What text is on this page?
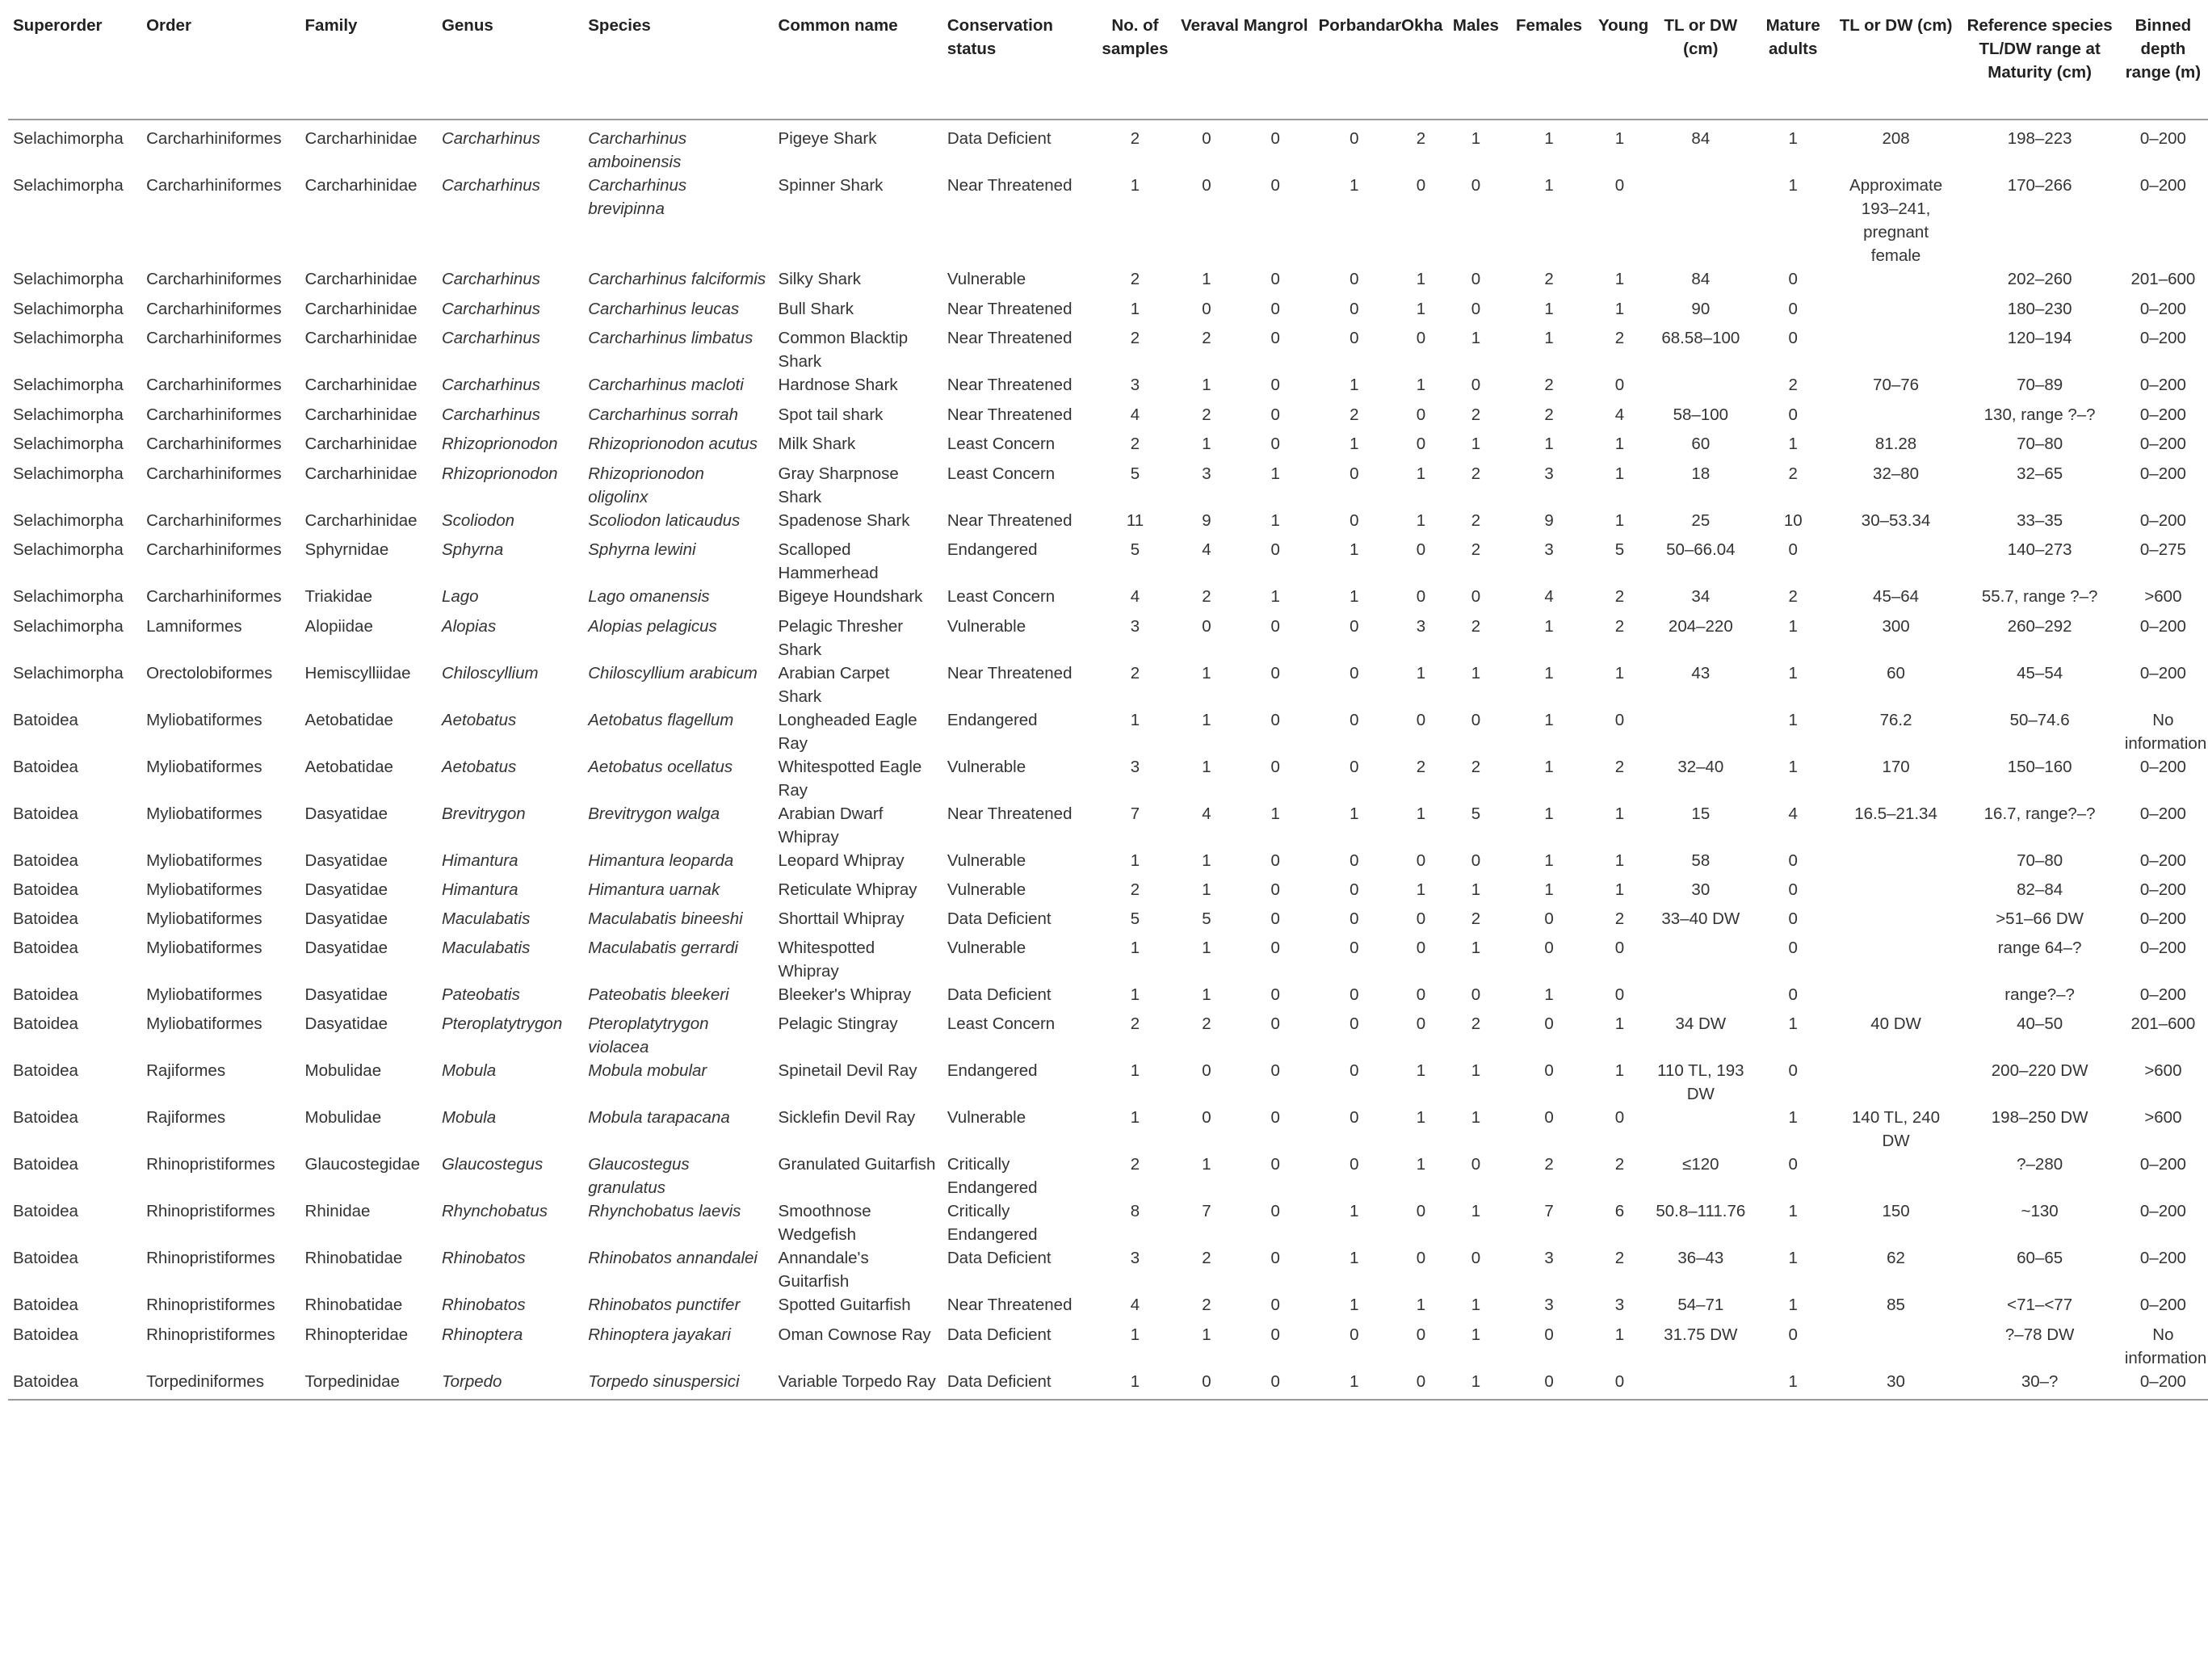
Superorder	Order	Family	Genus	Species	Common name	Conservation status	No. of samples	Veraval	Mangrol	Porbandar	Okha	Males	Females	Young	TL or DW (cm)	Mature adults	TL or DW (cm)	Reference species TL/DW range at Maturity (cm)	Binned depth range (m)
Selachimorpha	Carcharhiniformes	Carcharhinidae	Carcharhinus	Carcharhinus amboinensis	Pigeye Shark	Data Deficient	2	0	0	0	2	1	1	1	84	1	208	198–223	0–200
Selachimorpha	Carcharhiniformes	Carcharhinidae	Carcharhinus	Carcharhinus brevipinna	Spinner Shark	Near Threatened	1	0	0	1	0	0	1	0		1	Approximate 193–241, pregnant female	170–266	0–200
Selachimorpha	Carcharhiniformes	Carcharhinidae	Carcharhinus	Carcharhinus falciformis	Silky Shark	Vulnerable	2	1	0	0	1	0	2	1	84	0		202–260	201–600
Selachimorpha	Carcharhiniformes	Carcharhinidae	Carcharhinus	Carcharhinus leucas	Bull Shark	Near Threatened	1	0	0	0	1	0	1	1	90	0		180–230	0–200
Selachimorpha	Carcharhiniformes	Carcharhinidae	Carcharhinus	Carcharhinus limbatus	Common Blacktip Shark	Near Threatened	2	2	0	0	0	1	1	2	68.58–100	0		120–194	0–200
Selachimorpha	Carcharhiniformes	Carcharhinidae	Carcharhinus	Carcharhinus macloti	Hardnose Shark	Near Threatened	3	1	0	1	1	0	2	0		2	70–76	70–89	0–200
Selachimorpha	Carcharhiniformes	Carcharhinidae	Carcharhinus	Carcharhinus sorrah	Spot tail shark	Near Threatened	4	2	0	2	0	2	2	4	58–100	0		130, range ?–?	0–200
Selachimorpha	Carcharhiniformes	Carcharhinidae	Rhizoprionodon	Rhizoprionodon acutus	Milk Shark	Least Concern	2	1	0	1	0	1	1	1	60	1	81.28	70–80	0–200
Selachimorpha	Carcharhiniformes	Carcharhinidae	Rhizoprionodon	Rhizoprionodon oligolinx	Gray Sharpnose Shark	Least Concern	5	3	1	0	1	2	3	1	18	2	32–80	32–65	0–200
Selachimorpha	Carcharhiniformes	Carcharhinidae	Scoliodon	Scoliodon laticaudus	Spadenose Shark	Near Threatened	11	9	1	0	1	2	9	1	25	10	30–53.34	33–35	0–200
Selachimorpha	Carcharhiniformes	Sphyrnidae	Sphyrna	Sphyrna lewini	Scalloped Hammerhead	Endangered	5	4	0	1	0	2	3	5	50–66.04	0		140–273	0–275
Selachimorpha	Carcharhiniformes	Triakidae	Lago	Lago omanensis	Bigeye Houndshark	Least Concern	4	2	1	1	0	0	4	2	34	2	45–64	55.7, range ?–?	>600
Selachimorpha	Lamniformes	Alopiidae	Alopias	Alopias pelagicus	Pelagic Thresher Shark	Vulnerable	3	0	0	0	3	2	1	2	204–220	1	300	260–292	0–200
Selachimorpha	Orectolobiformes	Hemiscylliidae	Chiloscyllium	Chiloscyllium arabicum	Arabian Carpet Shark	Near Threatened	2	1	0	0	1	1	1	1	43	1	60	45–54	0–200
Batoidea	Myliobatiformes	Aetobatidae	Aetobatus	Aetobatus flagellum	Longheaded Eagle Ray	Endangered	1	1	0	0	0	0	1	0		1	76.2	50–74.6	No information
Batoidea	Myliobatiformes	Aetobatidae	Aetobatus	Aetobatus ocellatus	Whitespotted Eagle Ray	Vulnerable	3	1	0	0	2	2	1	2	32–40	1	170	150–160	0–200
Batoidea	Myliobatiformes	Dasyatidae	Brevitrygon	Brevitrygon walga	Arabian Dwarf Whipray	Near Threatened	7	4	1	1	1	5	1	1	15	4	16.5–21.34	16.7, range?–?	0–200
Batoidea	Myliobatiformes	Dasyatidae	Himantura	Himantura leoparda	Leopard Whipray	Vulnerable	1	1	0	0	0	0	1	1	58	0		70–80	0–200
Batoidea	Myliobatiformes	Dasyatidae	Himantura	Himantura uarnak	Reticulate Whipray	Vulnerable	2	1	0	0	1	1	1	1	30	0		82–84	0–200
Batoidea	Myliobatiformes	Dasyatidae	Maculabatis	Maculabatis bineeshi	Shorttail Whipray	Data Deficient	5	5	0	0	0	2	0	2	33–40 DW	0		>51–66 DW	0–200
Batoidea	Myliobatiformes	Dasyatidae	Maculabatis	Maculabatis gerrardi	Whitespotted Whipray	Vulnerable	1	1	0	0	0	1	0	0		0		range 64–?	0–200
Batoidea	Myliobatiformes	Dasyatidae	Pateobatis	Pateobatis bleekeri	Bleeker's Whipray	Data Deficient	1	1	0	0	0	0	1	0		0		range?–?	0–200
Batoidea	Myliobatiformes	Dasyatidae	Pteroplatytrygon	Pteroplatytrygon violacea	Pelagic Stingray	Least Concern	2	2	0	0	0	2	0	1	34 DW	1	40 DW	40–50	201–600
Batoidea	Rajiformes	Mobulidae	Mobula	Mobula mobular	Spinetail Devil Ray	Endangered	1	0	0	0	1	1	0	1	110 TL, 193 DW	0		200–220 DW	>600
Batoidea	Rajiformes	Mobulidae	Mobula	Mobula tarapacana	Sicklefin Devil Ray	Vulnerable	1	0	0	0	1	1	0	0		1	140 TL, 240 DW	198–250 DW	>600
Batoidea	Rhinopristiformes	Glaucostegidae	Glaucostegus	Glaucostegus granulatus	Granulated Guitarfish	Critically Endangered	2	1	0	0	1	0	2	2	≤120	0		?–280	0–200
Batoidea	Rhinopristiformes	Rhinidae	Rhynchobatus	Rhynchobatus laevis	Smoothnose Wedgefish	Critically Endangered	8	7	0	1	0	1	7	6	50.8–111.76	1	150	~130	0–200
Batoidea	Rhinopristiformes	Rhinobatidae	Rhinobatos	Rhinobatos annandalei	Annandale's Guitarfish	Data Deficient	3	2	0	1	0	0	3	2	36–43	1	62	60–65	0–200
Batoidea	Rhinopristiformes	Rhinobatidae	Rhinobatos	Rhinobatos punctifer	Spotted Guitarfish	Near Threatened	4	2	0	1	1	1	3	3	54–71	1	85	<71–<77	0–200
Batoidea	Rhinopristiformes	Rhinopteridae	Rhinoptera	Rhinoptera jayakari	Oman Cownose Ray	Data Deficient	1	1	0	0	0	1	0	1	31.75 DW	0		?–78 DW	No information
Batoidea	Torpediniformes	Torpedinidae	Torpedo	Torpedo sinuspersici	Variable Torpedo Ray	Data Deficient	1	0	0	1	0	1	0	0		1	30	30–?	0–200
